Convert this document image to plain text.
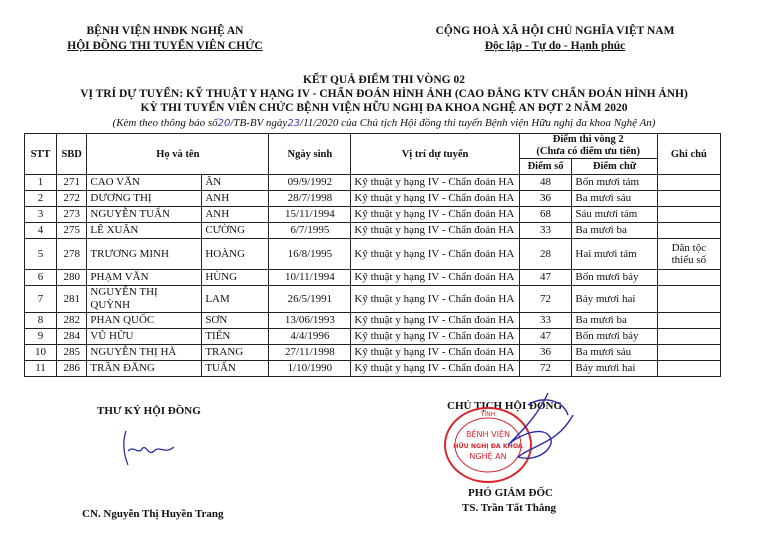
BỆNH VIỆN HNĐK NGHỆ AN
HỘI ĐỒNG THI TUYỂN VIÊN CHỨC
CỘNG HOÀ XÃ HỘI CHỦ NGHĨA VIỆT NAM
Độc lập - Tự do - Hạnh phúc
KẾT QUẢ ĐIỂM THI VÒNG 02
VỊ TRÍ DỰ TUYỂN: KỸ THUẬT Y HẠNG IV - CHẨN ĐOÁN HÌNH ẢNH (CAO ĐẲNG KTV CHẨN ĐOÁN HÌNH ẢNH)
KỲ THI TUYỂN VIÊN CHỨC BỆNH VIỆN HỮU NGHỊ ĐA KHOA NGHỆ AN ĐỢT 2 NĂM 2020
(Kèm theo thông báo số20/TB-BV ngày23/11/2020 của Chủ tịch Hội đồng thi tuyển Bệnh viện Hữu nghị đa khoa Nghệ An)
STT	SBD	Họ và tên		Ngày sinh	Vị trí dự tuyển	Điểm thi vòng 2
(Chưa có điểm ưu tiên)		Ghi chú
						Điểm số	Điểm chữ	
1	271	CAO VĂN	ÂN	09/9/1992	Kỹ thuật y hạng IV - Chẩn đoán HA	48	Bốn mươi tám	
2	272	DƯƠNG THỊ	ANH	28/7/1998	Kỹ thuật y hạng IV - Chẩn đoán HA	36	Ba mươi sáu	
3	273	NGUYỄN TUẤN	ANH	15/11/1994	Kỹ thuật y hạng IV - Chẩn đoán HA	68	Sáu mươi tám	
4	275	LÊ XUÂN	CƯỜNG	6/7/1995	Kỹ thuật y hạng IV - Chẩn đoán HA	33	Ba mươi ba	
5	278	TRƯƠNG MINH	HOÀNG	16/8/1995	Kỹ thuật y hạng IV - Chẩn đoán HA	28	Hai mươi tám	Dân tộc thiểu số
6	280	PHẠM VĂN	HÙNG	10/11/1994	Kỹ thuật y hạng IV - Chẩn đoán HA	47	Bốn mươi bảy	
7	281	NGUYỄN THỊ QUỲNH	LAM	26/5/1991	Kỹ thuật y hạng IV - Chẩn đoán HA	72	Bảy mươi hai	
8	282	PHAN QUỐC	SƠN	13/06/1993	Kỹ thuật y hạng IV - Chẩn đoán HA	33	Ba mươi ba	
9	284	VŨ HỮU	TIẾN	4/4/1996	Kỹ thuật y hạng IV - Chẩn đoán HA	47	Bốn mươi bảy	
10	285	NGUYỄN THỊ HÀ	TRANG	27/11/1998	Kỹ thuật y hạng IV - Chẩn đoán HA	36	Ba mươi sáu	
11	286	TRẦN ĐĂNG	TUẤN	1/10/1990	Kỹ thuật y hạng IV - Chẩn đoán HA	72	Bảy mươi hai	
THƯ KÝ HỘI ĐỒNG
CN. Nguyễn Thị Huyền Trang
CHỦ TỊCH HỘI ĐỒNG
TỈNH
BỆNH VIỆN
HỮU NGHỊ ĐA KHOA
NGHỆ AN
PHÓ GIÁM ĐỐC
TS. Trần Tất Thắng
